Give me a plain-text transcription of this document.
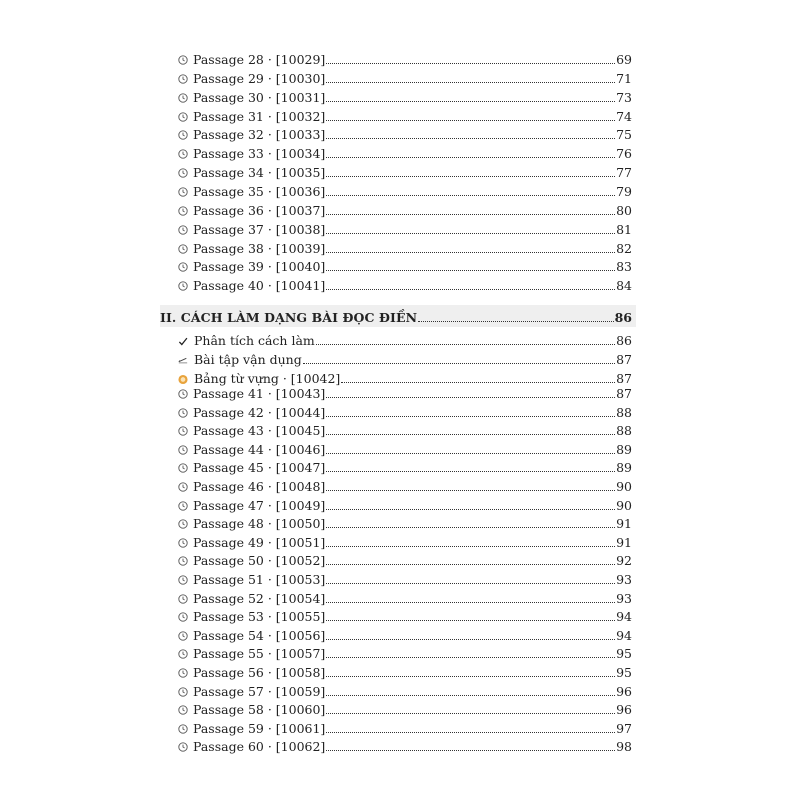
Passage 28 · [10029]	69
Passage 29 · [10030]	71
Passage 30 · [10031]	73
Passage 31 · [10032]	74
Passage 32 · [10033]	75
Passage 33 · [10034]	76
Passage 34 · [10035]	77
Passage 35 · [10036]	79
Passage 36 · [10037]	80
Passage 37 · [10038]	81
Passage 38 · [10039]	82
Passage 39 · [10040]	83
Passage 40 · [10041]	84
II. CÁCH LÀM DẠNG BÀI ĐỌC ĐIỀN	86
Phân tích cách làm	86
Bài tập vận dụng	87
Bảng từ vựng · [10042]	87
Passage 41 · [10043]	87
Passage 42 · [10044]	88
Passage 43 · [10045]	88
Passage 44 · [10046]	89
Passage 45 · [10047]	89
Passage 46 · [10048]	90
Passage 47 · [10049]	90
Passage 48 · [10050]	91
Passage 49 · [10051]	91
Passage 50 · [10052]	92
Passage 51 · [10053]	93
Passage 52 · [10054]	93
Passage 53 · [10055]	94
Passage 54 · [10056]	94
Passage 55 · [10057]	95
Passage 56 · [10058]	95
Passage 57 · [10059]	96
Passage 58 · [10060]	96
Passage 59 · [10061]	97
Passage 60 · [10062]	98
